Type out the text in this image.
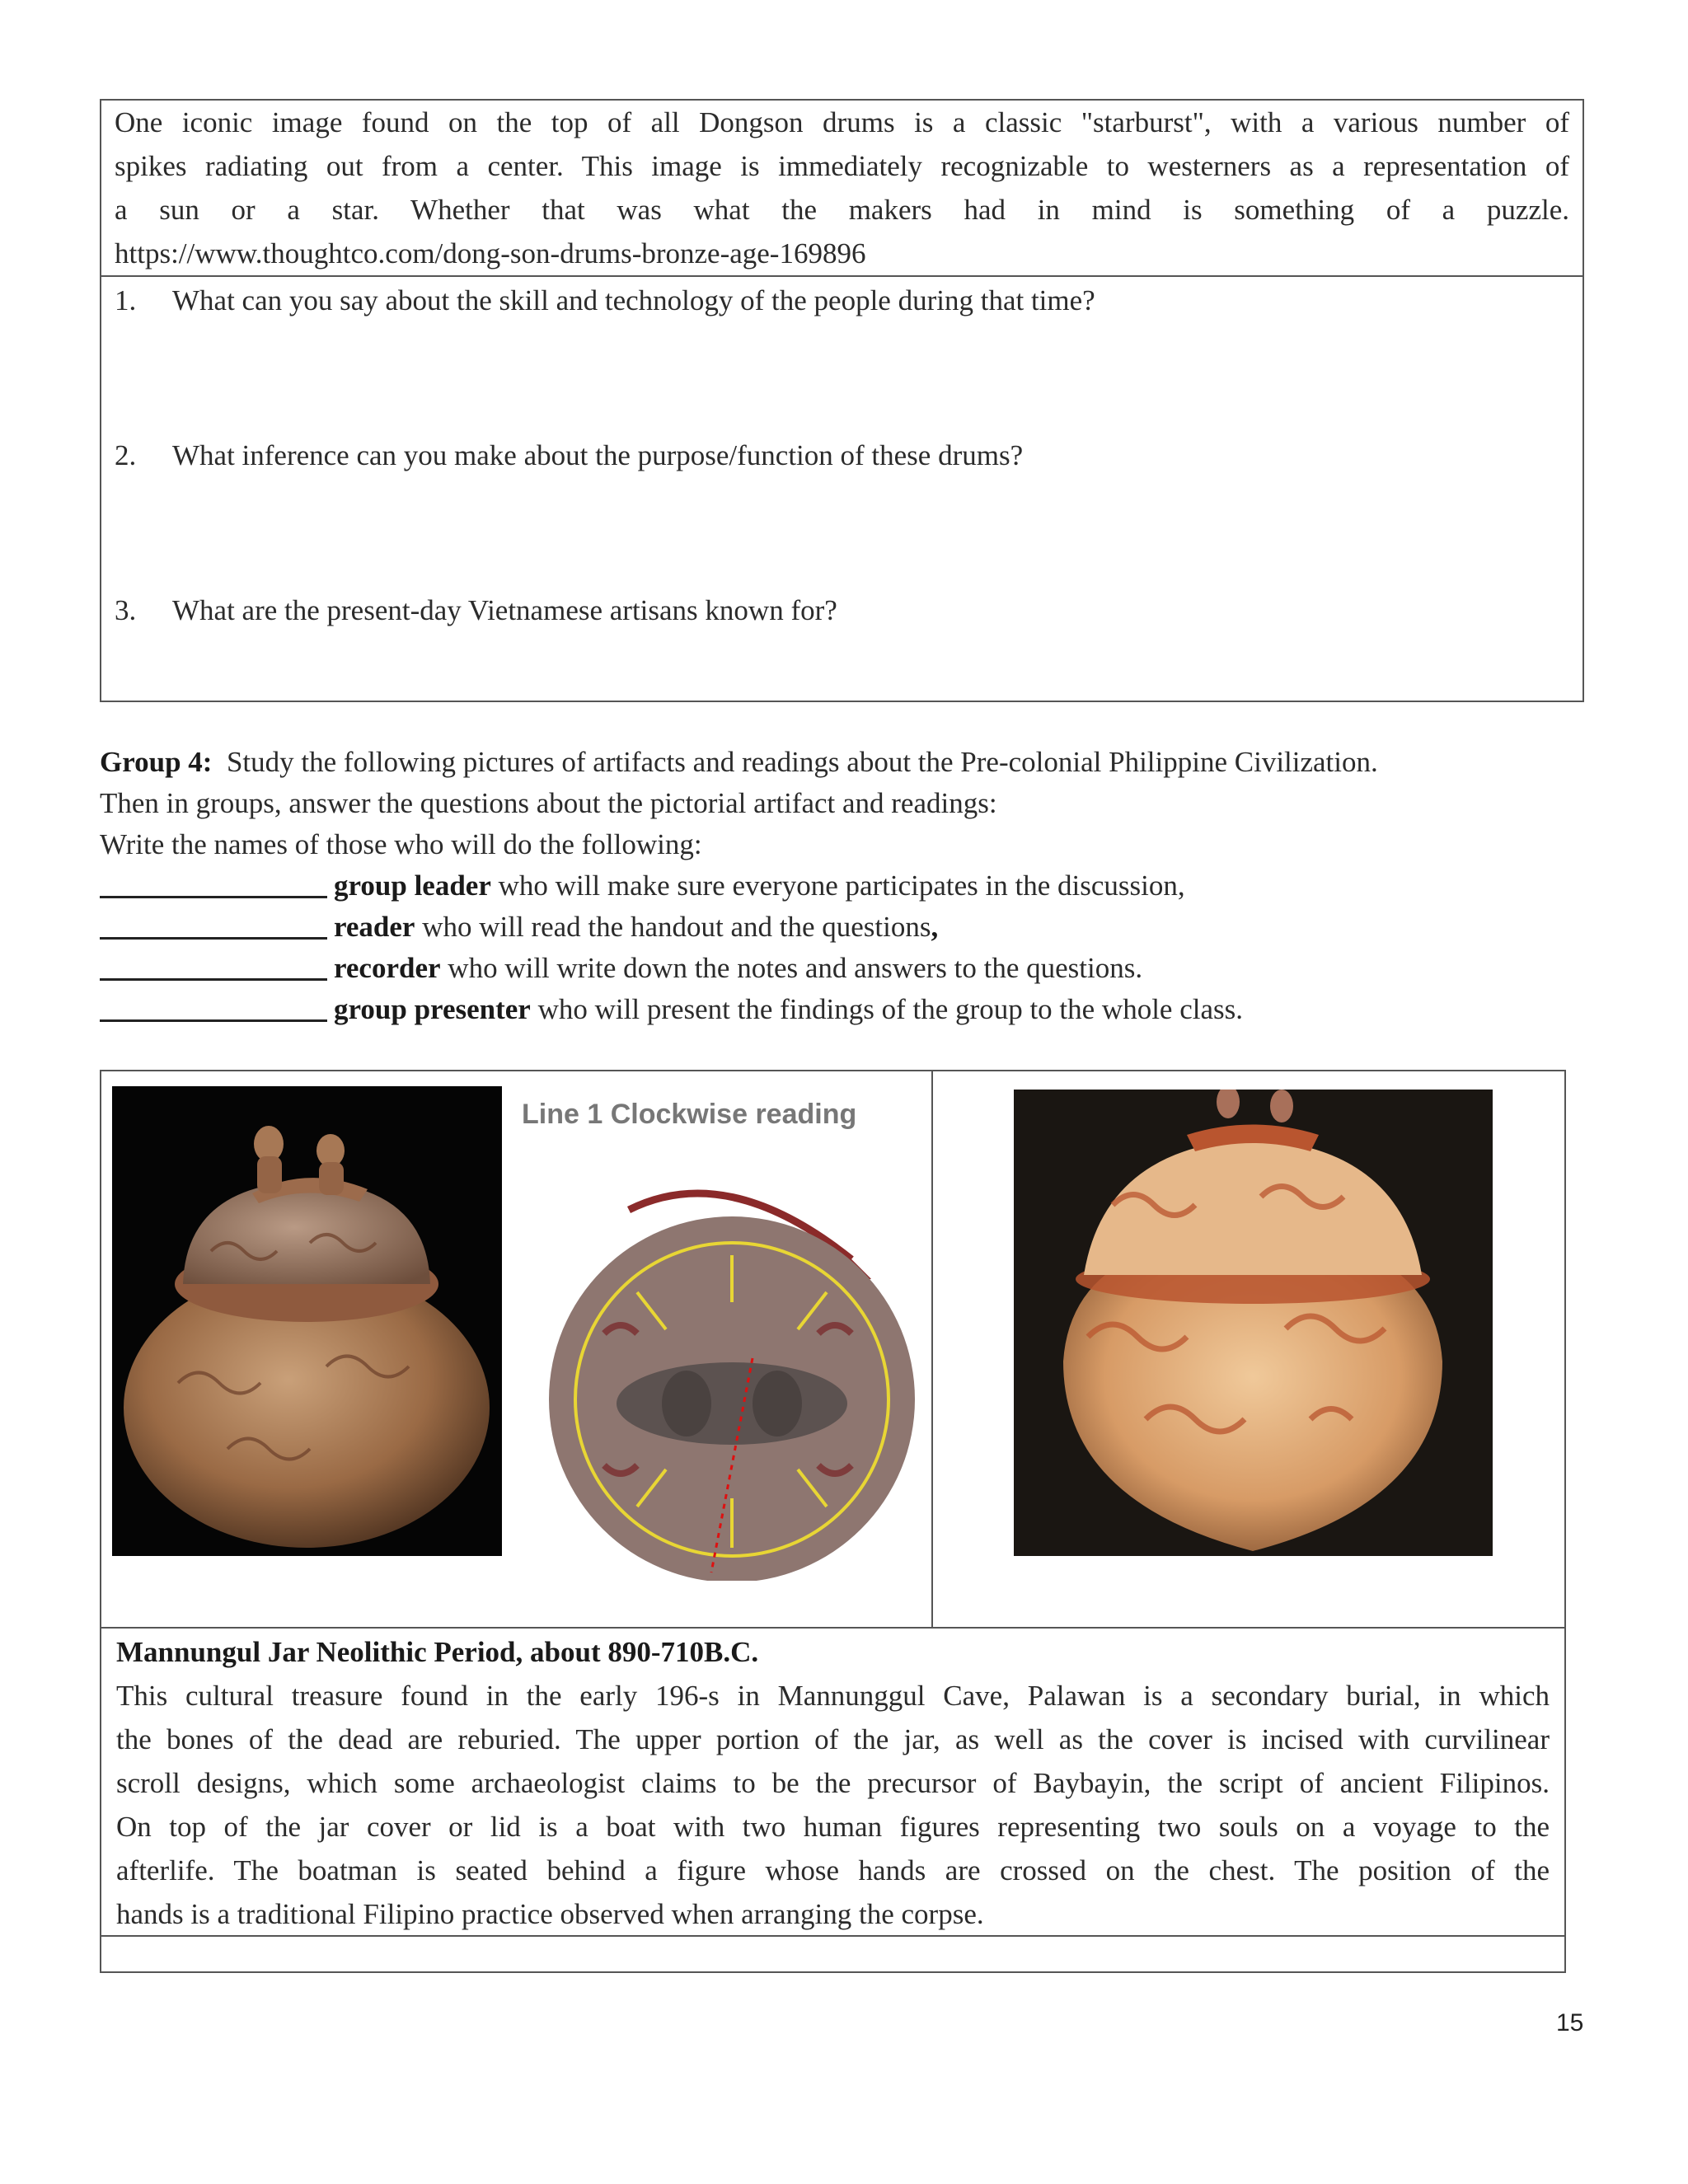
One iconic image found on the top of all Dongson drums is a classic "starburst", with a various number of
spikes radiating out from a center. This image is immediately recognizable to westerners as a representation of
a sun or a star. Whether that was what the makers had in mind is something of a puzzle.
https://www.thoughtco.com/dong-son-drums-bronze-age-169896
1. What can you say about the skill and technology of the people during that time?
2. What inference can you make about the purpose/function of these drums?
3. What are the present-day Vietnamese artisans known for?
Group 4:  Study the following pictures of artifacts and readings about the Pre-colonial Philippine Civilization.
Then in groups, answer the questions about the pictorial artifact and readings:
Write the names of those who will do the following:
group leader who will make sure everyone participates in the discussion,
reader who will read the handout and the questions,
recorder who will write down the notes and answers to the questions.
group presenter who will present the findings of the group to the whole class.
Line 1 Clockwise reading
Mannungul Jar Neolithic Period, about 890-710B.C.
This cultural treasure found in the early 196-s in Mannunggul Cave, Palawan is a secondary burial, in which
the bones of the dead are reburied. The upper portion of the jar, as well as the cover is incised with curvilinear
scroll designs, which some archaeologist claims to be the precursor of Baybayin, the script of ancient Filipinos.
On top of the jar cover or lid is a boat with two human figures representing two souls on a voyage to the
afterlife. The boatman is seated behind a figure whose hands are crossed on the chest. The position of the
hands is a traditional Filipino practice observed when arranging the corpse.
15
